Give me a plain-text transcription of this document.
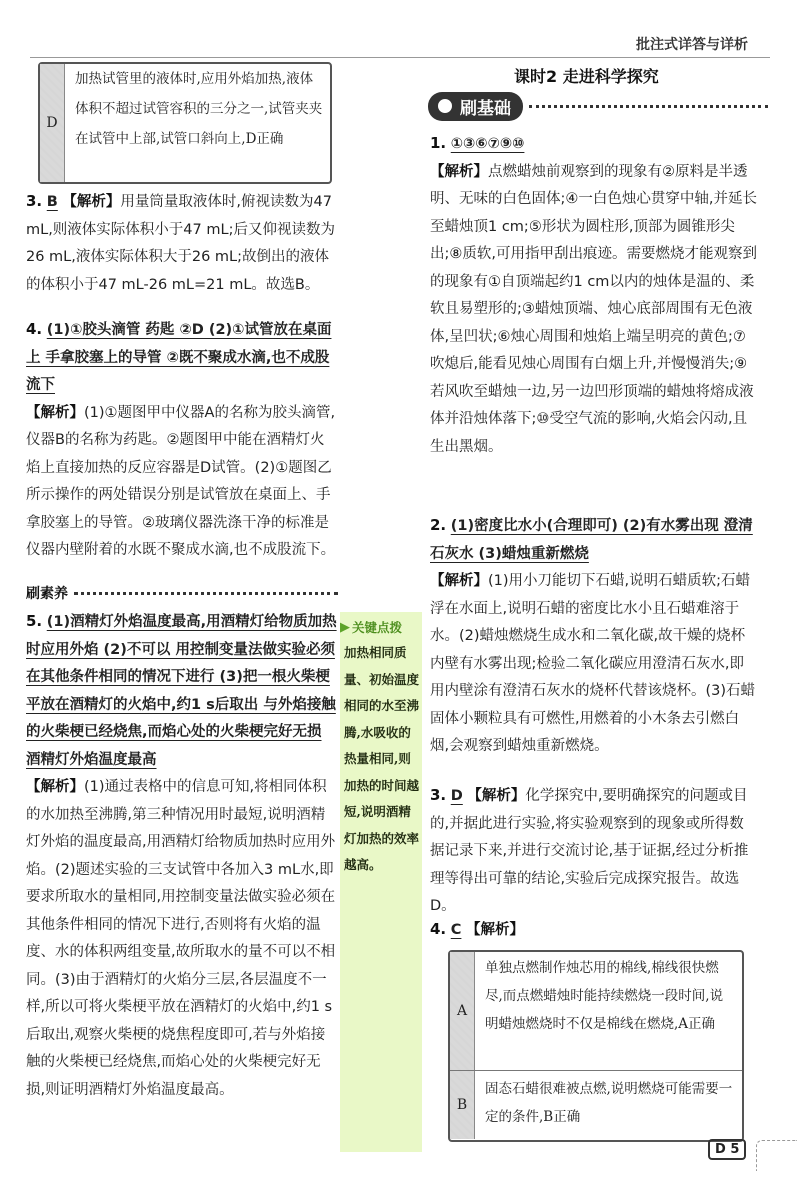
批注式详答与详析
D
加热试管里的液体时,应用外焰加热,液体体积不超过试管容积的三分之一,试管夹夹在试管中上部,试管口斜向上,D正确
3. B 【解析】用量筒量取液体时,俯视读数为47 mL,则液体实际体积小于47 mL;后又仰视读数为26 mL,液体实际体积大于26 mL;故倒出的液体的体积小于47 mL-26 mL=21 mL。故选B。
4. (1)①胶头滴管 药匙 ②D (2)①试管放在桌面上 手拿胶塞上的导管 ②既不聚成水滴,也不成股流下
【解析】(1)①题图甲中仪器A的名称为胶头滴管,仪器B的名称为药匙。②题图甲中能在酒精灯火焰上直接加热的反应容器是D试管。(2)①题图乙所示操作的两处错误分别是试管放在桌面上、手拿胶塞上的导管。②玻璃仪器洗涤干净的标准是仪器内壁附着的水既不聚成水滴,也不成股流下。
刷素养
5. (1)酒精灯外焰温度最高,用酒精灯给物质加热时应用外焰 (2)不可以 用控制变量法做实验必须在其他条件相同的情况下进行 (3)把一根火柴梗平放在酒精灯的火焰中,约1 s后取出 与外焰接触的火柴梗已经烧焦,而焰心处的火柴梗完好无损 酒精灯外焰温度最高
【解析】(1)通过表格中的信息可知,将相同体积的水加热至沸腾,第三种情况用时最短,说明酒精灯外焰的温度最高,用酒精灯给物质加热时应用外焰。(2)题述实验的三支试管中各加入3 mL水,即要求所取水的量相同,用控制变量法做实验必须在其他条件相同的情况下进行,否则将有火焰的温度、水的体积两组变量,故所取水的量不可以不相同。(3)由于酒精灯的火焰分三层,各层温度不一样,所以可将火柴梗平放在酒精灯的火焰中,约1 s后取出,观察火柴梗的烧焦程度即可,若与外焰接触的火柴梗已经烧焦,而焰心处的火柴梗完好无损,则证明酒精灯外焰温度最高。
▶ 关键点拨
加热相同质量、初始温度相同的水至沸腾,水吸收的热量相同,则加热的时间越短,说明酒精灯加热的效率越高。
课时2 走进科学探究
刷基础
1. ①③⑥⑦⑨⑩
【解析】点燃蜡烛前观察到的现象有②原料是半透明、无味的白色固体;④一白色烛心贯穿中轴,并延长至蜡烛顶1 cm;⑤形状为圆柱形,顶部为圆锥形尖出;⑧质软,可用指甲刮出痕迹。需要燃烧才能观察到的现象有①自顶端起约1 cm以内的烛体是温的、柔软且易塑形的;③蜡烛顶端、烛心底部周围有无色液体,呈凹状;⑥烛心周围和烛焰上端呈明亮的黄色;⑦吹熄后,能看见烛心周围有白烟上升,并慢慢消失;⑨若风吹至蜡烛一边,另一边凹形顶端的蜡烛将熔成液体并沿烛体落下;⑩受空气流的影响,火焰会闪动,且生出黑烟。
2. (1)密度比水小(合理即可) (2)有水雾出现 澄清石灰水 (3)蜡烛重新燃烧
【解析】(1)用小刀能切下石蜡,说明石蜡质软;石蜡浮在水面上,说明石蜡的密度比水小且石蜡难溶于水。(2)蜡烛燃烧生成水和二氧化碳,故干燥的烧杯内壁有水雾出现;检验二氧化碳应用澄清石灰水,即用内壁涂有澄清石灰水的烧杯代替该烧杯。(3)石蜡固体小颗粒具有可燃性,用燃着的小木条去引燃白烟,会观察到蜡烛重新燃烧。
3. D 【解析】化学探究中,要明确探究的问题或目的,并据此进行实验,将实验观察到的现象或所得数据记录下来,并进行交流讨论,基于证据,经过分析推理等得出可靠的结论,实验后完成探究报告。故选D。
4. C 【解析】
A
单独点燃制作烛芯用的棉线,棉线很快燃尽,而点燃蜡烛时能持续燃烧一段时间,说明蜡烛燃烧时不仅是棉线在燃烧,A正确
B
固态石蜡很难被点燃,说明燃烧可能需要一定的条件,B正确
D 5
